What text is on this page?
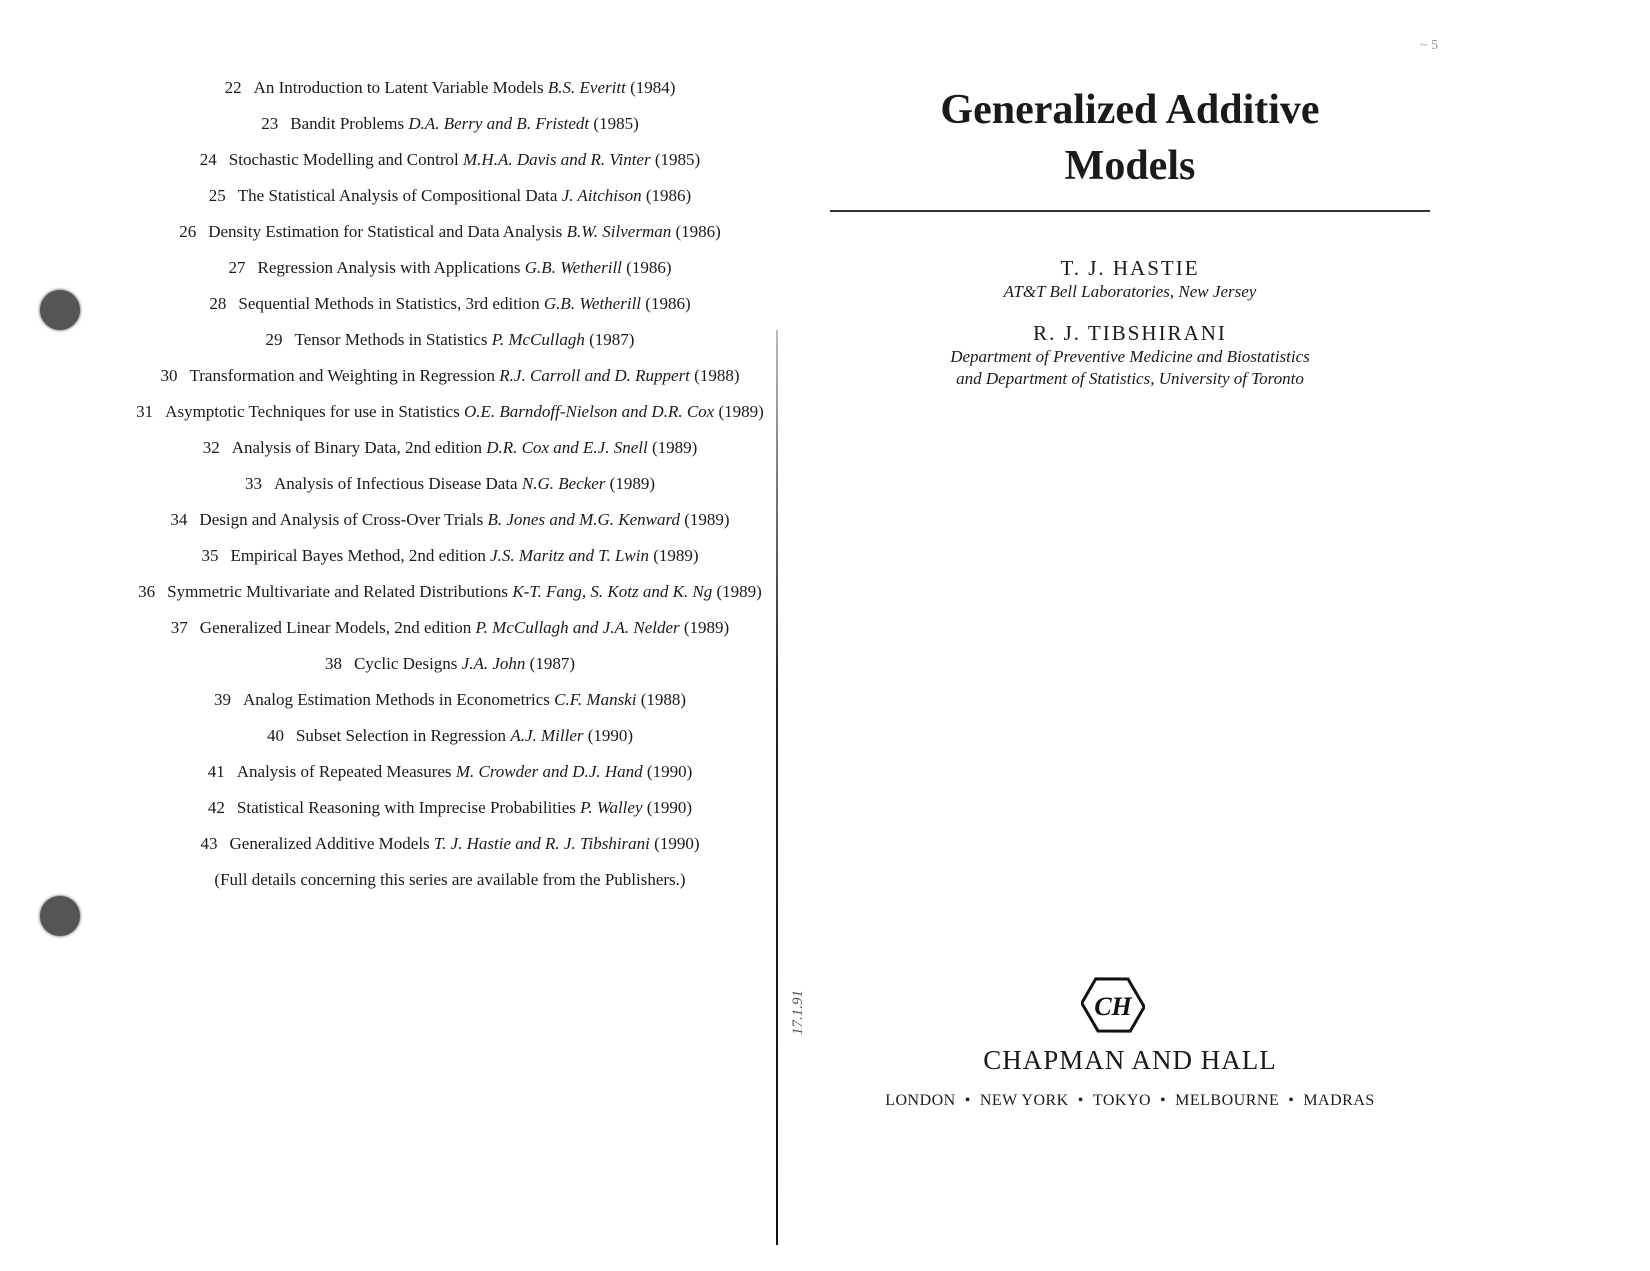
22 An Introduction to Latent Variable Models B.S. Everitt (1984)
23 Bandit Problems D.A. Berry and B. Fristedt (1985)
24 Stochastic Modelling and Control M.H.A. Davis and R. Vinter (1985)
25 The Statistical Analysis of Compositional Data J. Aitchison (1986)
26 Density Estimation for Statistical and Data Analysis B.W. Silverman (1986)
27 Regression Analysis with Applications G.B. Wetherill (1986)
28 Sequential Methods in Statistics, 3rd edition G.B. Wetherill (1986)
29 Tensor Methods in Statistics P. McCullagh (1987)
30 Transformation and Weighting in Regression R.J. Carroll and D. Ruppert (1988)
31 Asymptotic Techniques for use in Statistics O.E. Barndoff-Nielson and D.R. Cox (1989)
32 Analysis of Binary Data, 2nd edition D.R. Cox and E.J. Snell (1989)
33 Analysis of Infectious Disease Data N.G. Becker (1989)
34 Design and Analysis of Cross-Over Trials B. Jones and M.G. Kenward (1989)
35 Empirical Bayes Method, 2nd edition J.S. Maritz and T. Lwin (1989)
36 Symmetric Multivariate and Related Distributions K-T. Fang, S. Kotz and K. Ng (1989)
37 Generalized Linear Models, 2nd edition P. McCullagh and J.A. Nelder (1989)
38 Cyclic Designs J.A. John (1987)
39 Analog Estimation Methods in Econometrics C.F. Manski (1988)
40 Subset Selection in Regression A.J. Miller (1990)
41 Analysis of Repeated Measures M. Crowder and D.J. Hand (1990)
42 Statistical Reasoning with Imprecise Probabilities P. Walley (1990)
43 Generalized Additive Models T. J. Hastie and R. J. Tibshirani (1990)
(Full details concerning this series are available from the Publishers.)
17.1.91
~ 5
Generalized Additive
Models
T. J. HASTIE
AT&T Bell Laboratories, New Jersey
R. J. TIBSHIRANI
Department of Preventive Medicine and Biostatistics
and Department of Statistics, University of Toronto
CH
CHAPMAN AND HALL
LONDON • NEW YORK • TOKYO • MELBOURNE • MADRAS
